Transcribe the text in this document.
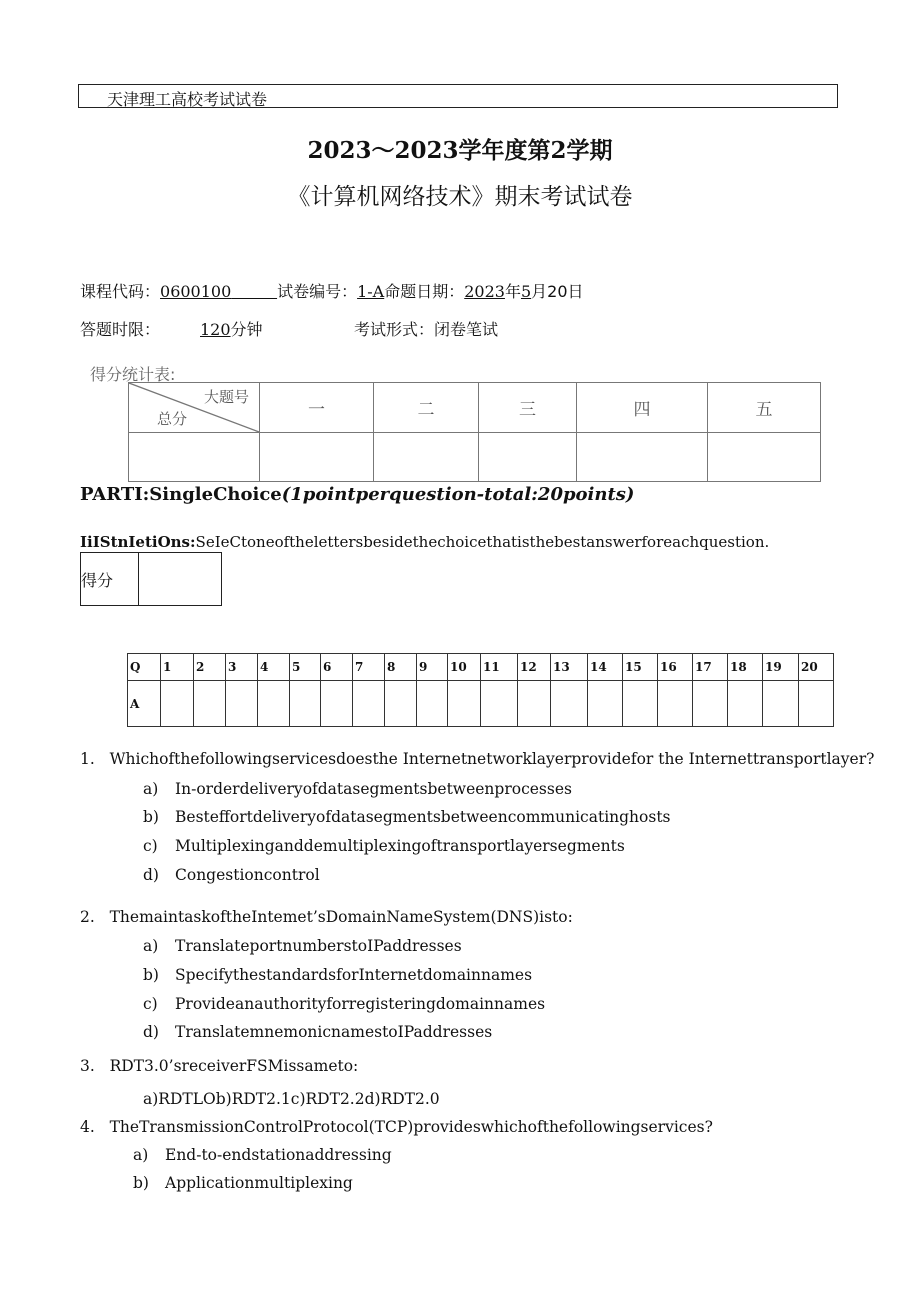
天津理工高校考试试卷
2023～2023学年度第2学期
《计算机网络技术》期末考试试卷
课程代码：0600100	试卷编号：1-A命题日期：2023年5月20日
答题时限： 120分钟	考试形式：闭卷笔试
得分统计表:
大题号
总分	一	二	三	四	五

PARTI:SingleChoice(1pointperquestion-total:20points)
IiIStnIetiOns:SeIeCtoneofthelettersbesidethechoicethatisthebestanswerforeachquestion.
得分	
Q	1	2	3	4	5	6	7	8	9	10	11	12	13	14	15	16	17	18	19	20
A																				
1. Whichofthefollowingservicesdoesthe Internetnetworklayerprovidefor the Internettransportlayer?
a) In-orderdeliveryofdatasegmentsbetweenprocesses
b) Besteffortdeliveryofdatasegmentsbetweencommunicatinghosts
c) Multiplexinganddemultiplexingoftransportlayersegments
d) Congestioncontrol
2. ThemaintaskoftheIntemet’sDomainNameSystem(DNS)isto:
a) TranslateportnumberstoIPaddresses
b) SpecifythestandardsforInternetdomainnames
c) Provideanauthorityforregisteringdomainnames
d) TranslatemnemonicnamestoIPaddresses
3. RDT3.0’sreceiverFSMissameto:
a)RDTLOb)RDT2.1c)RDT2.2d)RDT2.0
4. TheTransmissionControlProtocol(TCP)provideswhichofthefollowingservices?
a) End-to-endstationaddressing
b) Applicationmultiplexing
